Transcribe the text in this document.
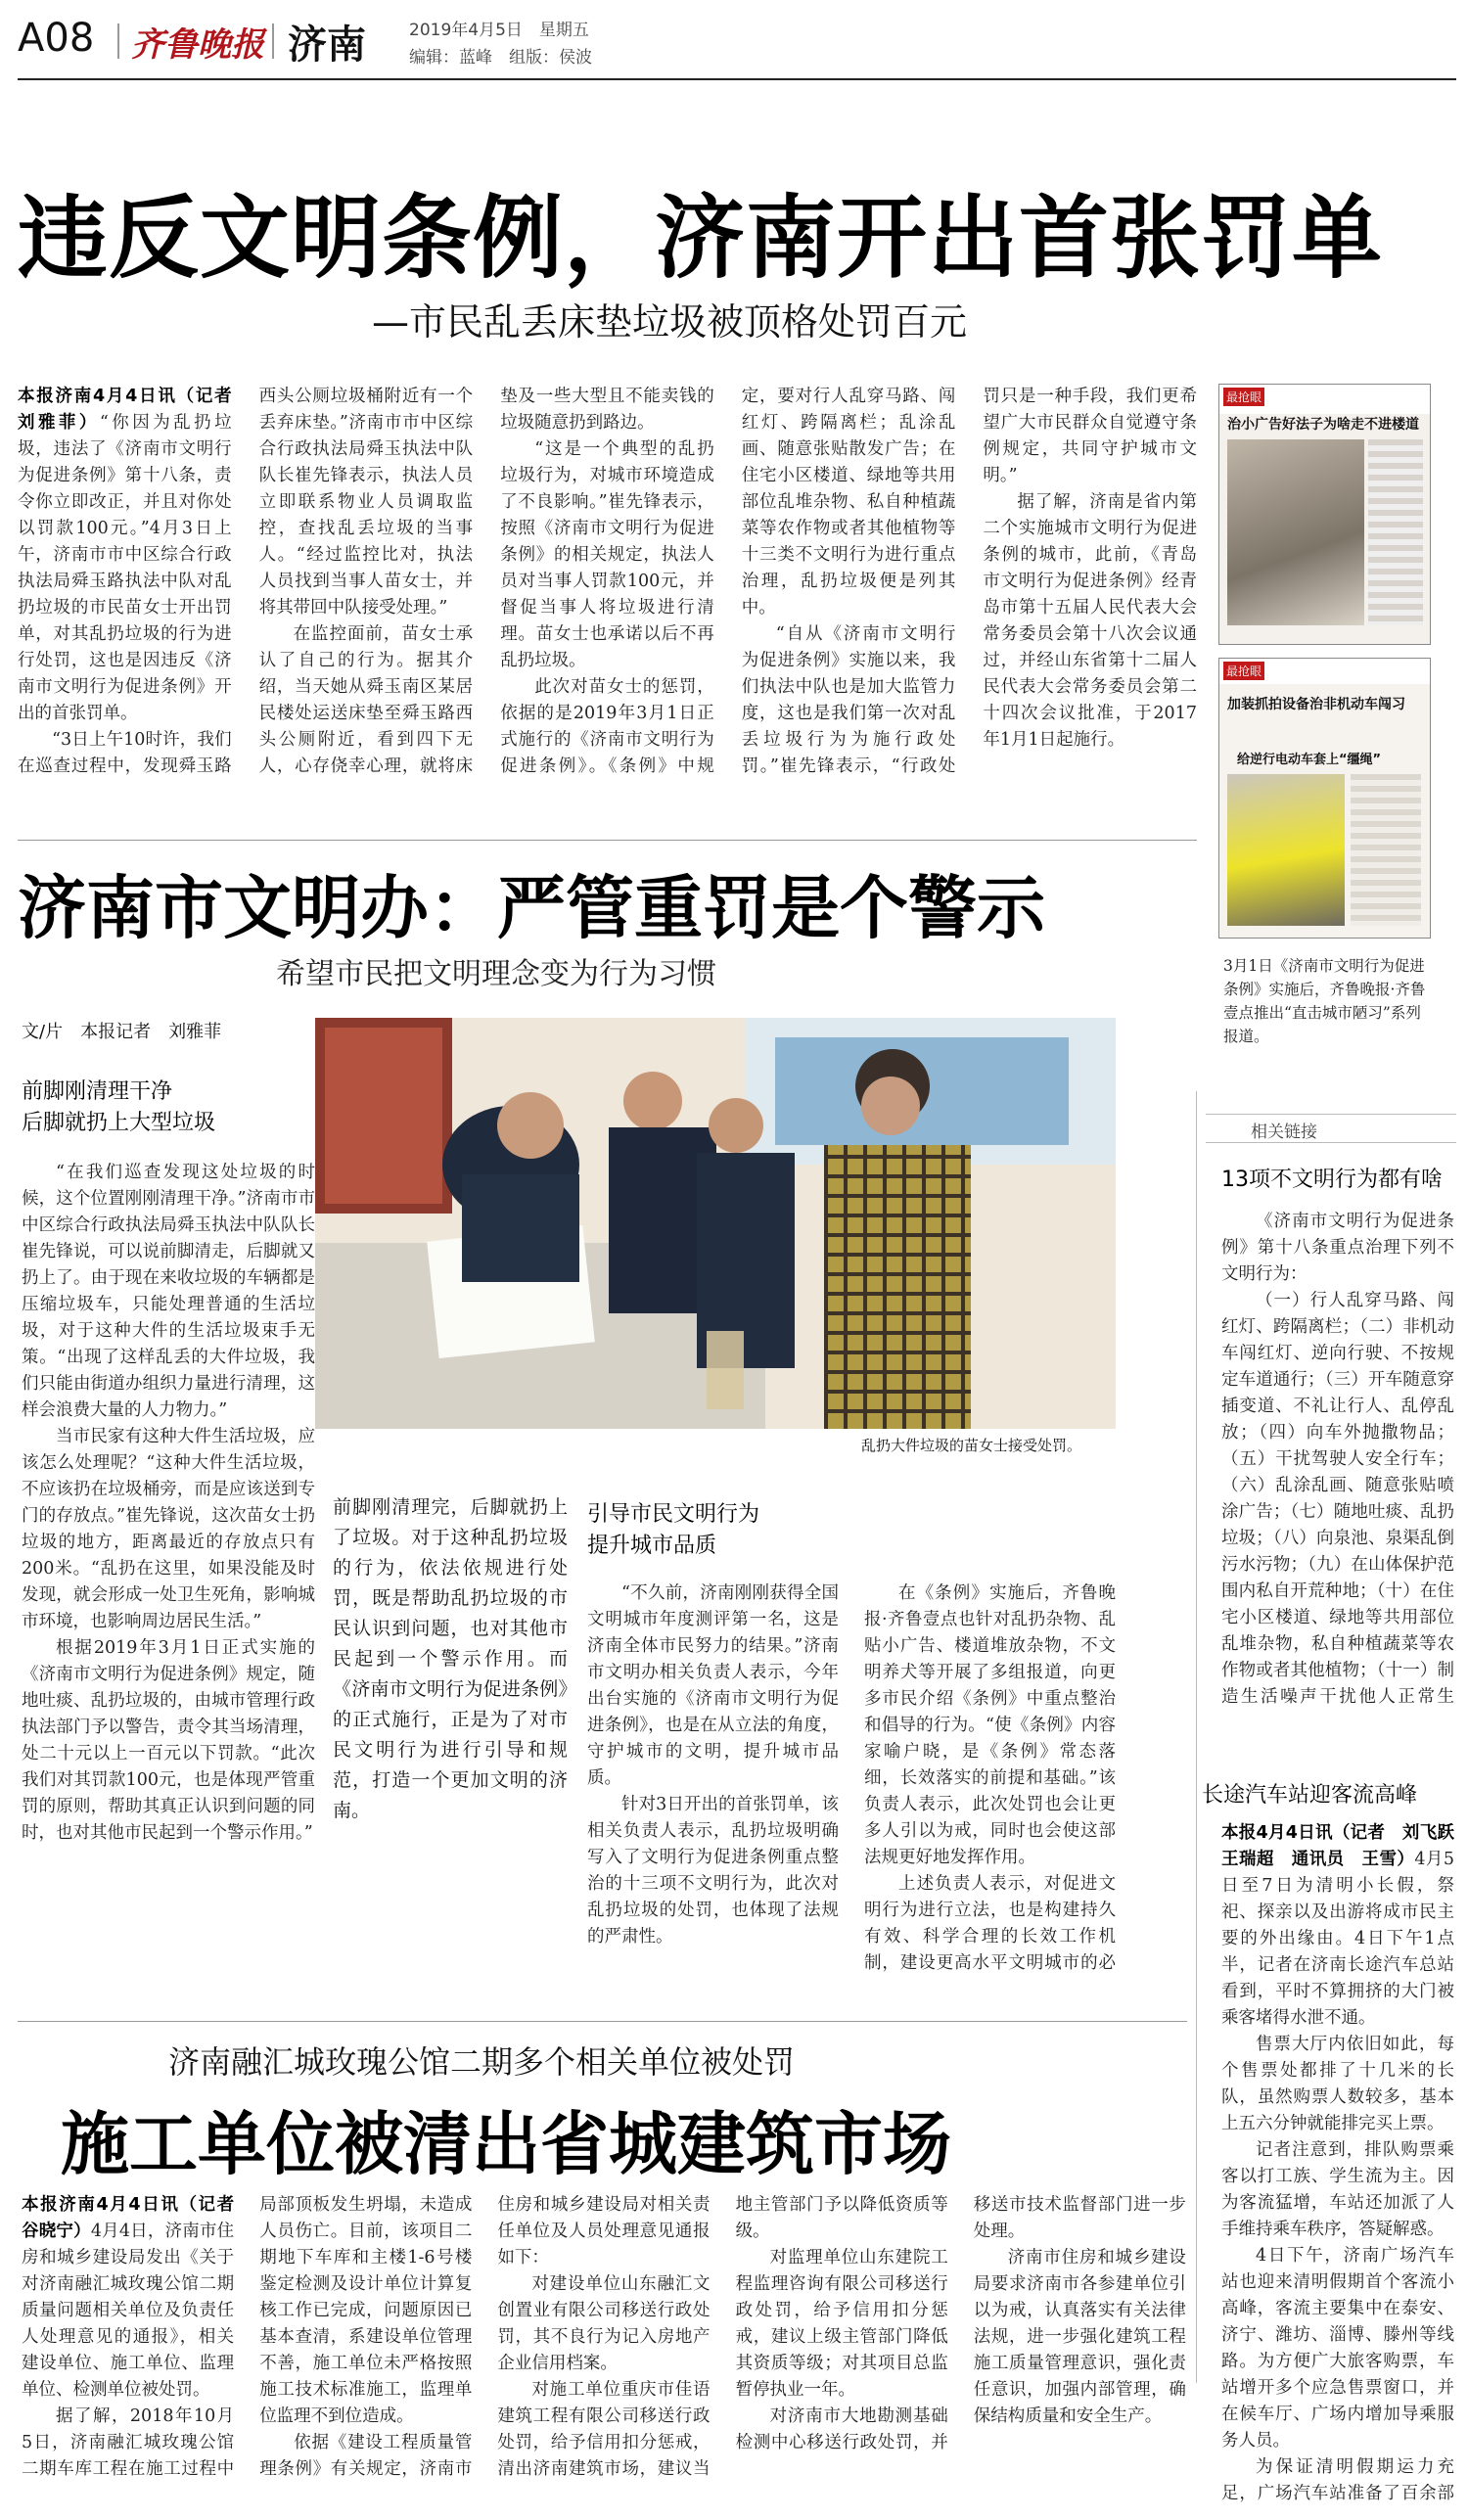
A08 齐鲁晚报 济南	2019年4月5日　星期五
编辑：蓝峰　组版：侯波
违反文明条例，济南开出首张罚单
—市民乱丢床垫垃圾被顶格处罚百元

本报济南4月4日讯（记者　刘雅菲）“你因为乱扔垃圾，违法了《济南市文明行为促进条例》第十八条，责令你立即改正，并且对你处以罚款100元。”4月3日上午，济南市市中区综合行政执法局舜玉路执法中队对乱扔垃圾的市民苗女士开出罚单，对其乱扔垃圾的行为进行处罚，这也是因违反《济南市文明行为促进条例》开出的首张罚单。

“3日上午10时许，我们在巡查过程中，发现舜玉路西头公厕垃圾桶附近有一个丢弃床垫。”济南市市中区综合行政执法局舜玉执法中队队长崔先锋表示，执法人员立即联系物业人员调取监控，查找乱丢垃圾的当事人。“经过监控比对，执法人员找到当事人苗女士，并将其带回中队接受处理。”

在监控面前，苗女士承认了自己的行为。据其介绍，当天她从舜玉南区某居民楼处运送床垫至舜玉路西头公厕附近，看到四下无人，心存侥幸心理，就将床垫及一些大型且不能卖钱的垃圾随意扔到路边。

“这是一个典型的乱扔垃圾行为，对城市环境造成了不良影响。”崔先锋表示，按照《济南市文明行为促进条例》的相关规定，执法人员对当事人罚款100元，并督促当事人将垃圾进行清理。苗女士也承诺以后不再乱扔垃圾。

此次对苗女士的惩罚，依据的是2019年3月1日正式施行的《济南市文明行为促进条例》。《条例》中规定，要对行人乱穿马路、闯红灯、跨隔离栏；乱涂乱画、随意张贴散发广告；在住宅小区楼道、绿地等共用部位乱堆杂物、私自种植蔬菜等农作物或者其他植物等十三类不文明行为进行重点治理，乱扔垃圾便是列其中。

“自从《济南市文明行为促进条例》实施以来，我们执法中队也是加大监管力度，这也是我们第一次对乱丢垃圾行为为施行政处罚。”崔先锋表示，“行政处罚只是一种手段，我们更希望广大市民群众自觉遵守条例规定，共同守护城市文明。”

据了解，济南是省内第二个实施城市文明行为促进条例的城市，此前，《青岛市文明行为促进条例》经青岛市第十五届人民代表大会常务委员会第十八次会议通过，并经山东省第十二届人民代表大会常务委员会第二十四次会议批准，于2017年1月1日起施行。

最抢眼
治小广告好法子为啥走不进楼道
最抢眼
加装抓拍设备治非机动车闯习
给逆行电动车套上“缰绳”
3月1日《济南市文明行为促进条例》实施后，齐鲁晚报·齐鲁壹点推出“直击城市陋习”系列报道。
济南市文明办：严管重罚是个警示
希望市民把文明理念变为行为习惯
文/片　本报记者　刘雅菲
前脚刚清理干净
后脚就扔上大型垃圾

“在我们巡查发现这处垃圾的时候，这个位置刚刚清理干净。”济南市市中区综合行政执法局舜玉执法中队队长崔先锋说，可以说前脚清走，后脚就又扔上了。由于现在来收垃圾的车辆都是压缩垃圾车，只能处理普通的生活垃圾，对于这种大件的生活垃圾束手无策。“出现了这样乱丢的大件垃圾，我们只能由街道办组织力量进行清理，这样会浪费大量的人力物力。”

当市民家有这种大件生活垃圾，应该怎么处理呢？“这种大件生活垃圾，不应该扔在垃圾桶旁，而是应该送到专门的存放点。”崔先锋说，这次苗女士扔垃圾的地方，距离最近的存放点只有200米。“乱扔在这里，如果没能及时发现，就会形成一处卫生死角，影响城市环境，也影响周边居民生活。”

根据2019年3月1日正式实施的《济南市文明行为促进条例》规定，随地吐痰、乱扔垃圾的，由城市管理行政执法部门予以警告，责令其当场清理，处二十元以上一百元以下罚款。“此次我们对其罚款100元，也是体现严管重罚的原则，帮助其真正认识到问题的同时，也对其他市民起到一个警示作用。”

乱扔大件垃圾的苗女士接受处罚。
前脚刚清理完，后脚就扔上了垃圾。对于这种乱扔垃圾的行为，依法依规进行处罚，既是帮助乱扔垃圾的市民认识到问题，也对其他市民起到一个警示作用。而《济南市文明行为促进条例》的正式施行，正是为了对市民文明行为进行引导和规范，打造一个更加文明的济南。
引导市民文明行为
提升城市品质

“不久前，济南刚刚获得全国文明城市年度测评第一名，这是济南全体市民努力的结果。”济南市文明办相关负责人表示，今年出台实施的《济南市文明行为促进条例》，也是在从立法的角度，守护城市的文明，提升城市品质。

针对3日开出的首张罚单，该相关负责人表示，乱扔垃圾明确写入了文明行为促进条例重点整治的十三项不文明行为，此次对乱扔垃圾的处罚，也体现了法规的严肃性。

在《条例》实施后，齐鲁晚报·齐鲁壹点也针对乱扔杂物、乱贴小广告、楼道堆放杂物，不文明养犬等开展了多组报道，向更多市民介绍《条例》中重点整治和倡导的行为。“使《条例》内容家喻户晓，是《条例》常态落细，长效落实的前提和基础。”该负责人表示，此次处罚也会让更多人引以为戒，同时也会使这部法规更好地发挥作用。

上述负责人表示，对促进文明行为进行立法，也是构建持久有效、科学合理的长效工作机制，建设更高水平文明城市的必

相关链接
13项不文明行为都有啥

《济南市文明行为促进条例》第十八条重点治理下列不文明行为：

（一）行人乱穿马路、闯红灯、跨隔离栏；（二）非机动车闯红灯、逆向行驶、不按规定车道通行；（三）开车随意穿插变道、不礼让行人、乱停乱放；（四）向车外抛撒物品；（五）干扰驾驶人安全行车；（六）乱涂乱画、随意张贴喷涂广告；（七）随地吐痰、乱扔垃圾；（八）向泉池、泉渠乱倒污水污物；（九）在山体保护范围内私自开荒种地；（十）在住宅小区楼道、绿地等共用部位乱堆杂物，私自种植蔬菜等农作物或者其他植物；（十一）制造生活噪声干扰他人正常生

长途汽车站迎客流高峰

本报4月4日讯（记者　刘飞跃　王瑞超　通讯员　王雪）4月5日至7日为清明小长假，祭祀、探亲以及出游将成市民主要的外出缘由。4日下午1点半，记者在济南长途汽车总站看到，平时不算拥挤的大门被乘客堵得水泄不通。

售票大厅内依旧如此，每个售票处都排了十几米的长队，虽然购票人数较多，基本上五六分钟就能排完买上票。

记者注意到，排队购票乘客以打工族、学生流为主。因为客流猛增，车站还加派了人手维持乘车秩序，答疑解惑。

4日下午，济南广场汽车站也迎来清明假期首个客流小高峰，客流主要集中在泰安、济宁、潍坊、淄博、滕州等线路。为方便广大旅客购票，车站增开多个应急售票窗口，并在候车厅、广场内增加导乘服务人员。

为保证清明假期运力充足，广场汽车站准备了百余部

济南融汇城玫瑰公馆二期多个相关单位被处罚
施工单位被清出省城建筑市场

本报济南4月4日讯（记者　谷晓宁）4月4日，济南市住房和城乡建设局发出《关于对济南融汇城玫瑰公馆二期质量问题相关单位及负责任人处理意见的通报》，相关建设单位、施工单位、监理单位、检测单位被处罚。

据了解，2018年10月5日，济南融汇城玫瑰公馆二期车库工程在施工过程中局部顶板发生坍塌，未造成人员伤亡。目前，该项目二期地下车库和主楼1-6号楼鉴定检测及设计单位计算复核工作已完成，问题原因已基本查清，系建设单位管理不善，施工单位未严格按照施工技术标准施工，监理单位监理不到位造成。

依据《建设工程质量管理条例》有关规定，济南市住房和城乡建设局对相关责任单位及人员处理意见通报如下：

对建设单位山东融汇文创置业有限公司移送行政处罚，其不良行为记入房地产企业信用档案。

对施工单位重庆市佳语建筑工程有限公司移送行政处罚，给予信用扣分惩戒，清出济南建筑市场，建议当地主管部门予以降低资质等级。

对监理单位山东建院工程监理咨询有限公司移送行政处罚，给予信用扣分惩戒，建议上级主管部门降低其资质等级；对其项目总监暂停执业一年。

对济南市大地勘测基础检测中心移送行政处罚，并移送市技术监督部门进一步处理。

济南市住房和城乡建设局要求济南市各参建单位引以为戒，认真落实有关法律法规，进一步强化建筑工程施工质量管理意识，强化责任意识，加强内部管理，确保结构质量和安全生产。
